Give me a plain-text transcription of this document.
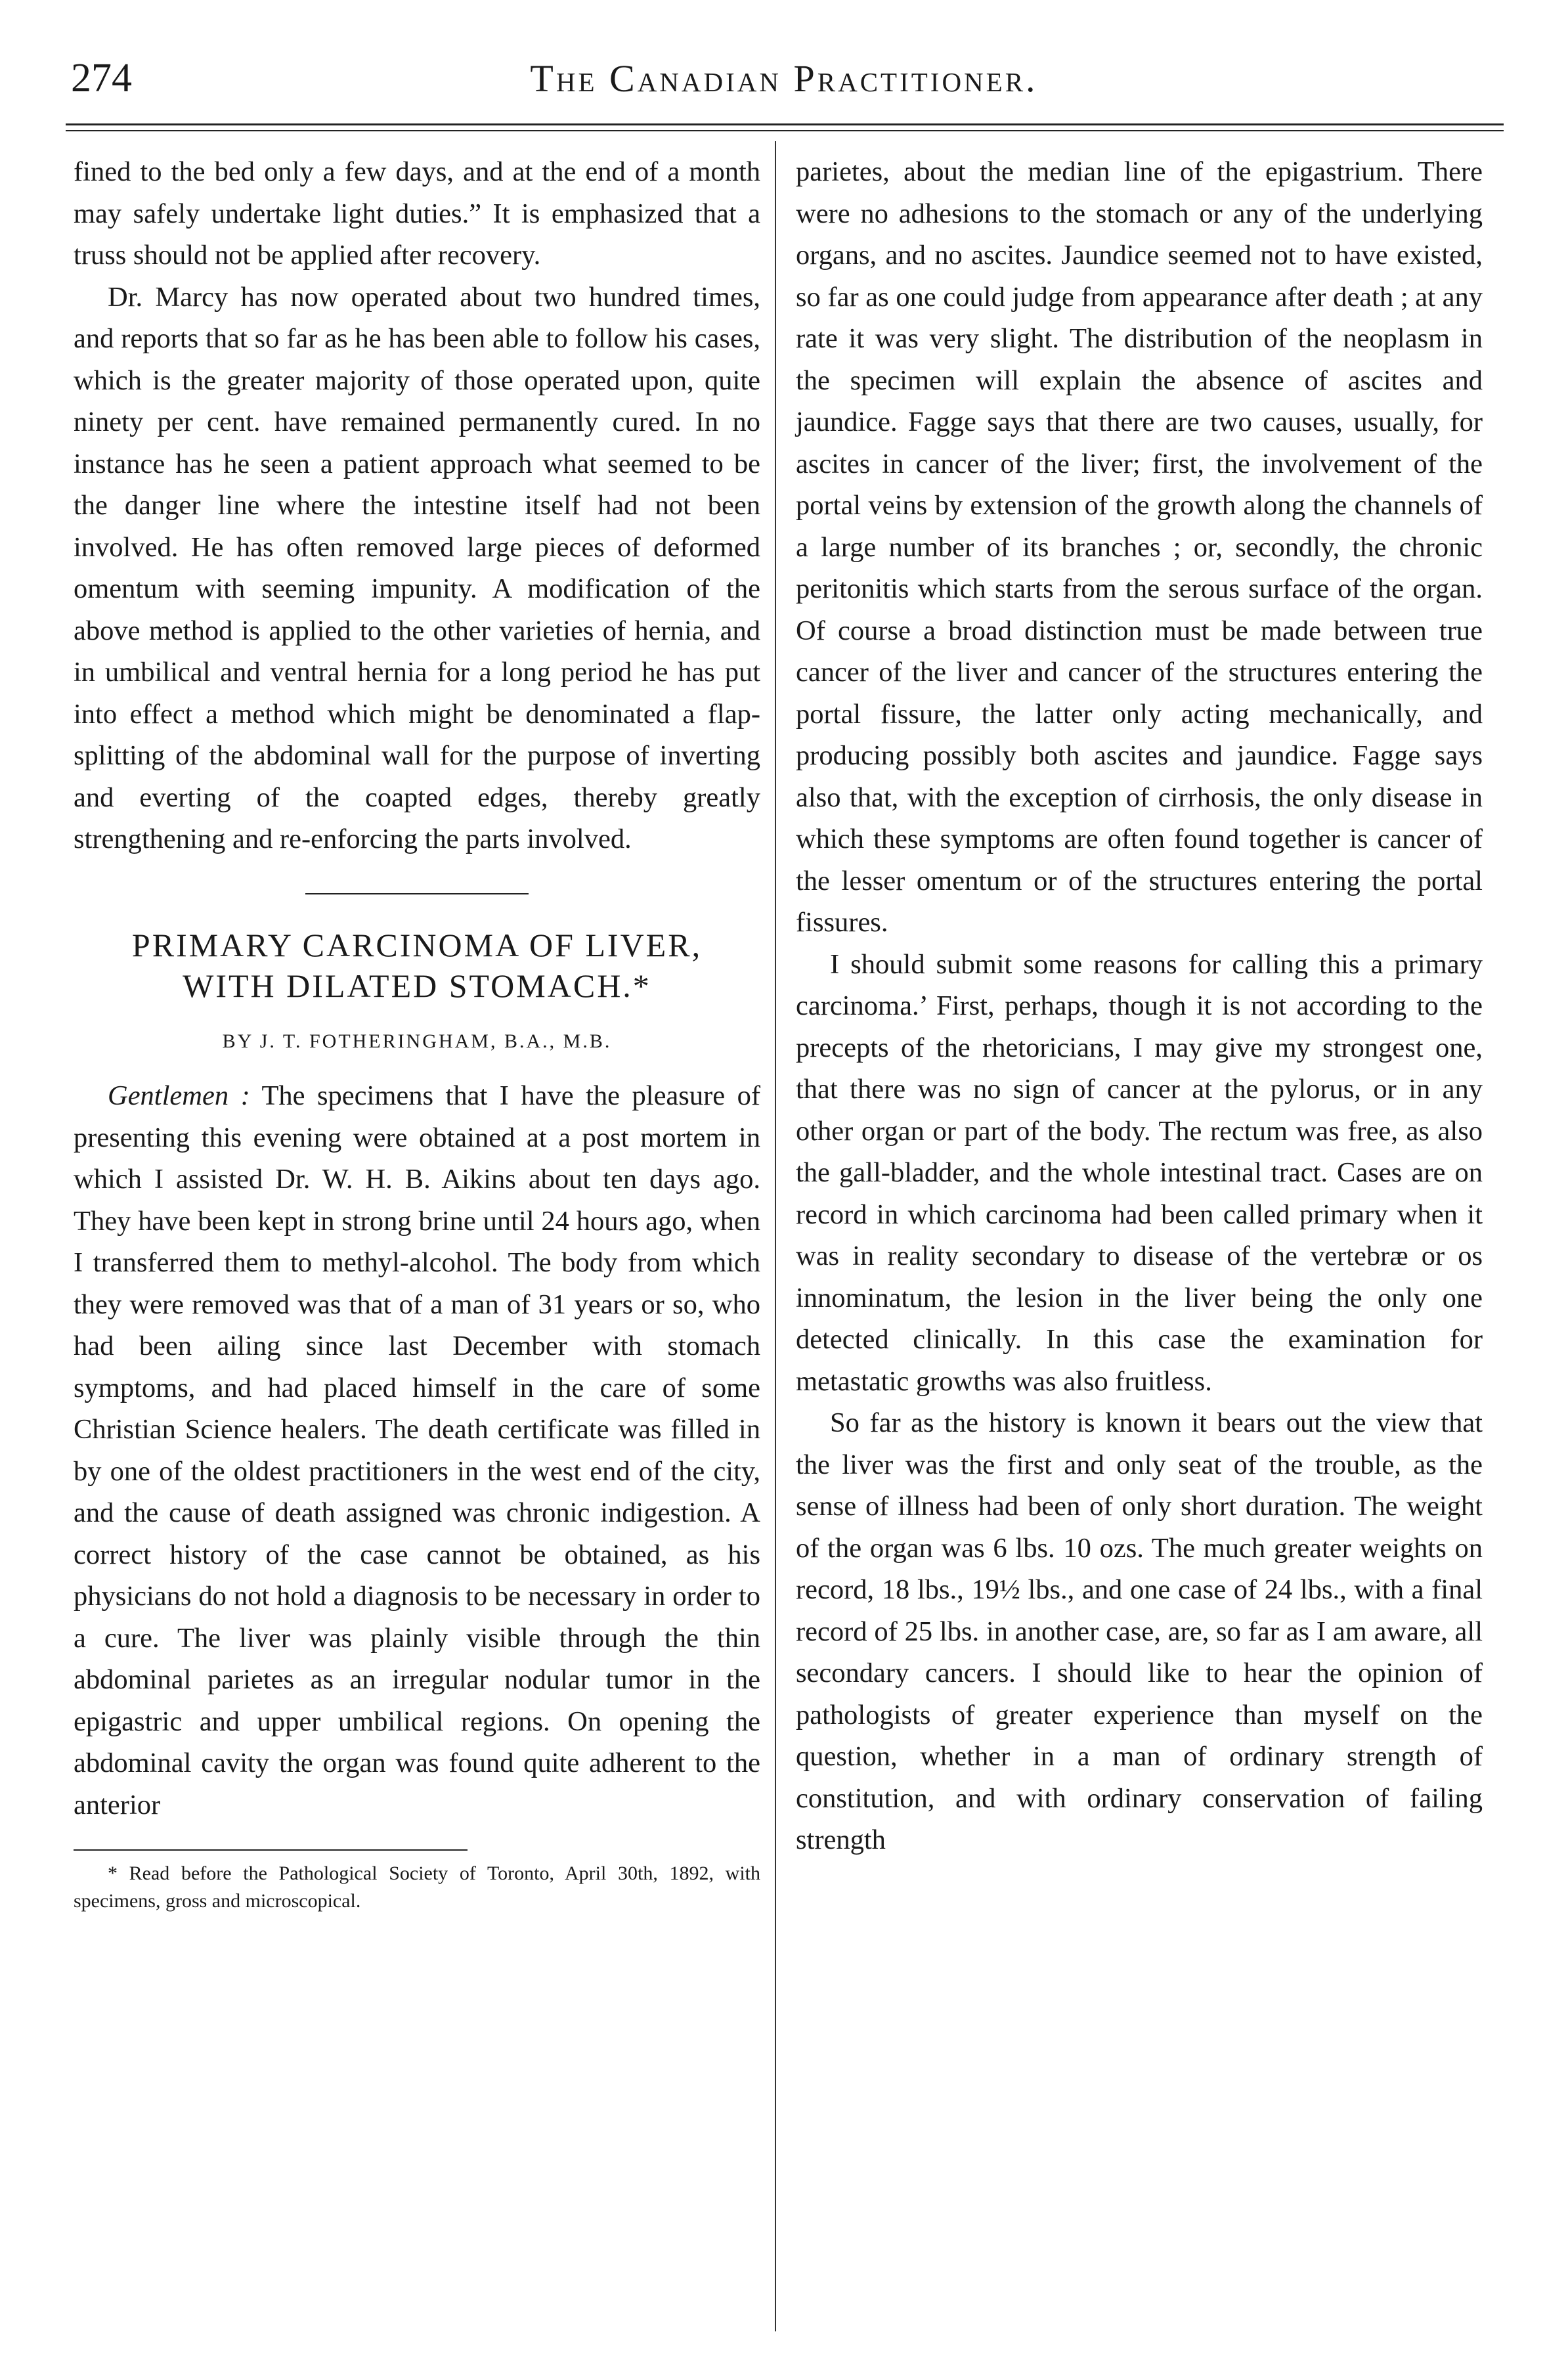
274	The Canadian Practitioner.

fined to the bed only a few days, and at the end of a month may safely undertake light duties.” It is emphasized that a truss should not be applied after recovery.

Dr. Marcy has now operated about two hundred times, and reports that so far as he has been able to follow his cases, which is the greater majority of those operated upon, quite ninety per cent. have remained permanently cured. In no instance has he seen a patient approach what seemed to be the danger line where the intestine itself had not been involved. He has often removed large pieces of deformed omentum with seeming impunity. A modification of the above method is applied to the other varieties of hernia, and in umbilical and ventral hernia for a long period he has put into effect a method which might be denominated a flap-splitting of the abdominal wall for the purpose of inverting and everting of the coapted edges, thereby greatly strengthening and re-enforcing the parts involved.

PRIMARY CARCINOMA OF LIVER,

WITH DILATED STOMACH.*

BY J. T. FOTHERINGHAM, B.A., M.B.

Gentlemen : The specimens that I have the pleasure of presenting this evening were obtained at a post mortem in which I assisted Dr. W. H. B. Aikins about ten days ago. They have been kept in strong brine until 24 hours ago, when I transferred them to methyl-alcohol. The body from which they were removed was that of a man of 31 years or so, who had been ailing since last December with stomach symptoms, and had placed himself in the care of some Christian Science healers. The death certificate was filled in by one of the oldest practitioners in the west end of the city, and the cause of death assigned was chronic indigestion. A correct history of the case cannot be obtained, as his physicians do not hold a diagnosis to be necessary in order to a cure. The liver was plainly visible through the thin abdominal parietes as an irregular nodular tumor in the epigastric and upper umbilical regions. On opening the abdominal cavity the organ was found quite adherent to the anterior

* Read before the Pathological Society of Toronto, April 30th, 1892, with specimens, gross and microscopical.

parietes, about the median line of the epigastrium. There were no adhesions to the stomach or any of the underlying organs, and no ascites. Jaundice seemed not to have existed, so far as one could judge from appearance after death ; at any rate it was very slight. The distribution of the neoplasm in the specimen will explain the absence of ascites and jaundice. Fagge says that there are two causes, usually, for ascites in cancer of the liver; first, the involvement of the portal veins by extension of the growth along the channels of a large number of its branches ; or, secondly, the chronic peritonitis which starts from the serous surface of the organ. Of course a broad distinction must be made between true cancer of the liver and cancer of the structures entering the portal fissure, the latter only acting mechanically, and producing possibly both ascites and jaundice. Fagge says also that, with the exception of cirrhosis, the only disease in which these symptoms are often found together is cancer of the lesser omentum or of the structures entering the portal fissures.

I should submit some reasons for calling this a primary carcinoma.’ First, perhaps, though it is not according to the precepts of the rhetoricians, I may give my strongest one, that there was no sign of cancer at the pylorus, or in any other organ or part of the body. The rectum was free, as also the gall-bladder, and the whole intestinal tract. Cases are on record in which carcinoma had been called primary when it was in reality secondary to disease of the vertebræ or os innominatum, the lesion in the liver being the only one detected clinically. In this case the examination for metastatic growths was also fruitless.

So far as the history is known it bears out the view that the liver was the first and only seat of the trouble, as the sense of illness had been of only short duration. The weight of the organ was 6 lbs. 10 ozs. The much greater weights on record, 18 lbs., 19½ lbs., and one case of 24 lbs., with a final record of 25 lbs. in another case, are, so far as I am aware, all secondary cancers. I should like to hear the opinion of pathologists of greater experience than myself on the question, whether in a man of ordinary strength of constitution, and with ordinary conservation of failing strength
